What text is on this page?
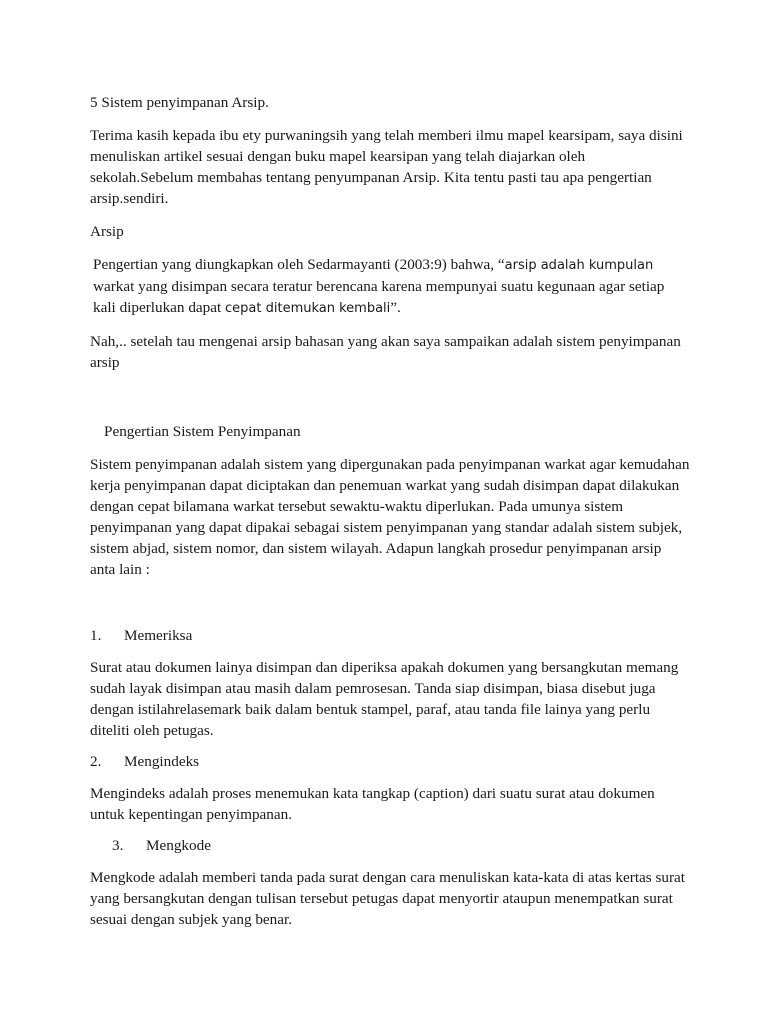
5 Sistem penyimpanan Arsip.

Terima kasih kepada ibu ety purwaningsih yang telah memberi ilmu mapel kearsipam, saya disini menuliskan artikel sesuai dengan buku mapel kearsipan yang telah diajarkan oleh sekolah.Sebelum membahas tentang penyumpanan Arsip. Kita tentu pasti tau apa pengertian arsip.sendiri.

Arsip

Pengertian yang diungkapkan oleh Sedarmayanti (2003:9) bahwa, “arsip adalah kumpulan
warkat yang disimpan secara teratur berencana karena mempunyai suatu kegunaan agar setiap kali diperlukan dapat cepat ditemukan kembali”.

Nah,.. setelah tau mengenai arsip bahasan yang akan saya sampaikan adalah sistem penyimpanan arsip

Pengertian Sistem Penyimpanan

Sistem penyimpanan adalah sistem yang dipergunakan pada penyimpanan warkat agar kemudahan kerja penyimpanan dapat diciptakan dan penemuan warkat yang sudah disimpan dapat dilakukan dengan cepat bilamana warkat tersebut sewaktu-waktu diperlukan. Pada umunya sistem penyimpanan yang dapat dipakai sebagai sistem penyimpanan yang standar adalah sistem subjek, sistem abjad, sistem nomor, dan sistem wilayah. Adapun langkah prosedur penyimpanan arsip anta lain :

1.	Memeriksa

Surat atau dokumen lainya disimpan dan diperiksa apakah dokumen yang bersangkutan memang sudah layak disimpan atau masih dalam pemrosesan. Tanda siap disimpan, biasa disebut juga dengan istilahrelasemark baik dalam bentuk stampel, paraf, atau tanda file lainya yang perlu diteliti oleh petugas.

2.	Mengindeks

Mengindeks adalah proses menemukan kata tangkap (caption) dari suatu surat atau dokumen untuk kepentingan penyimpanan.

3.	Mengkode

Mengkode adalah memberi tanda pada surat dengan cara menuliskan kata-kata di atas kertas surat yang bersangkutan dengan tulisan tersebut petugas dapat menyortir ataupun menempatkan surat sesuai dengan subjek yang benar.
